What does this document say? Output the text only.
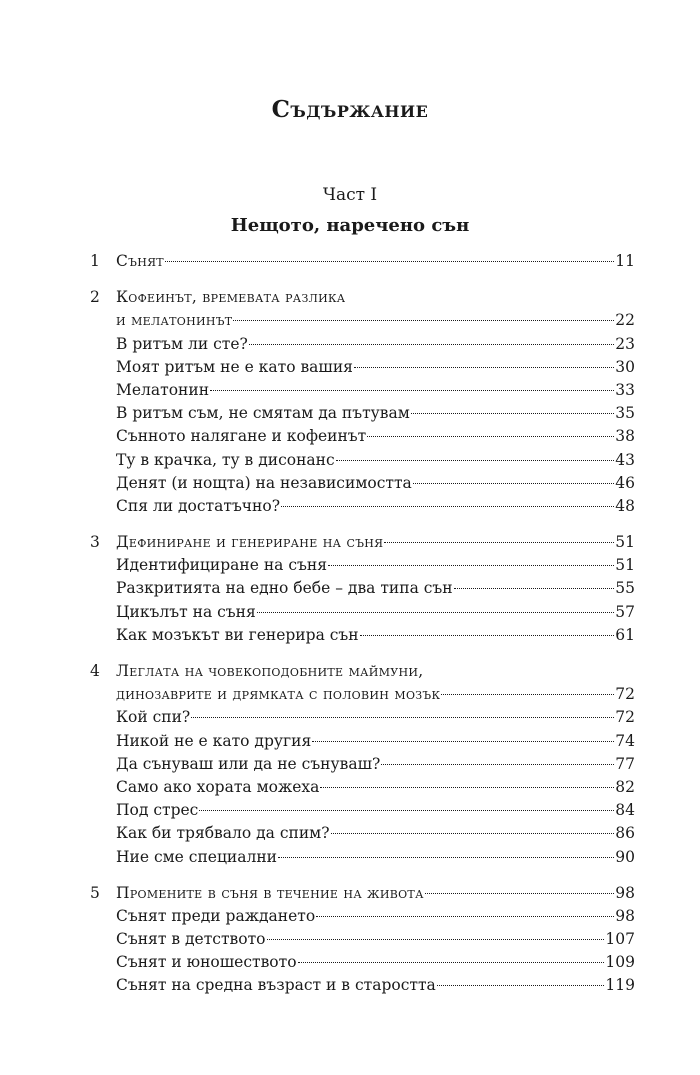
Съдържание
Част I
Нещото, наречено сън
1	Сънят	11
2	Кофеинът, времевата разлика
и мелатонинът	22
В ритъм ли сте?	23
Моят ритъм не е като вашия	30
Мелатонин	33
В ритъм съм, не смятам да пътувам	35
Сънното налягане и кофеинът	38
Ту в крачка, ту в дисонанс	43
Денят (и нощта) на независимостта	46
Спя ли достатъчно?	48
3	Дефиниране и генериране на съня	51
Идентифициране на съня	51
Разкритията на едно бебе – два типа сън	55
Цикълът на съня	57
Как мозъкът ви генерира сън	61
4	Леглата на човекоподобните маймуни,
динозаврите и дрямката с половин мозък	72
Кой спи?	72
Никой не е като другия	74
Да сънуваш или да не сънуваш?	77
Само ако хората можеха	82
Под стрес	84
Как би трябвало да спим?	86
Ние сме специални	90
5	Промените в съня в течение на живота	98
Сънят преди раждането	98
Сънят в детството	107
Сънят и юношеството	109
Сънят на средна възраст и в старостта	119
